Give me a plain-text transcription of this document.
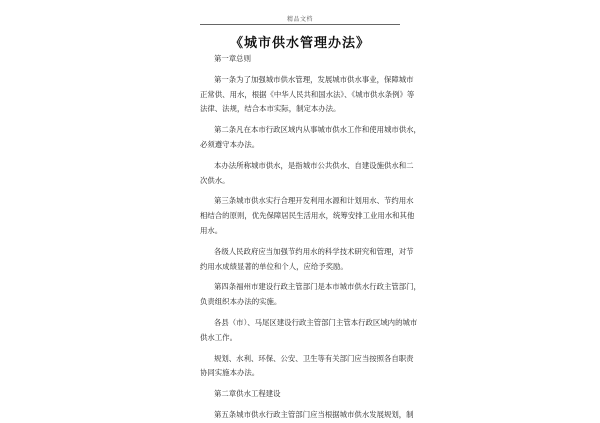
精品文档
《城市供水管理办法》
第一章总则
第一条为了加强城市供水管理，发展城市供水事业，保障城市
正常供、用水，根据《中华人民共和国水法》、《城市供水条例》等
法律、法规，结合本市实际，制定本办法。
第二条凡在本市行政区域内从事城市供水工作和使用城市供水，
必须遵守本办法。
本办法所称城市供水，是指城市公共供水、自建设施供水和二
次供水。
第三条城市供水实行合理开发利用水源和计划用水、节约用水
相结合的原则，优先保障居民生活用水，统筹安排工业用水和其他
用水。
各级人民政府应当加强节约用水的科学技术研究和管理，对节
约用水成绩显著的单位和个人，应给予奖励。
第四条福州市建设行政主管部门是本市城市供水行政主管部门，
负责组织本办法的实施。
各县（市）、马尾区建设行政主管部门主管本行政区域内的城市
供水工作。
规划、水利、环保、公安、卫生等有关部门应当按照各自职责
协同实施本办法。
第二章供水工程建设
第五条城市供水行政主管部门应当根据城市供水发展规划，制
